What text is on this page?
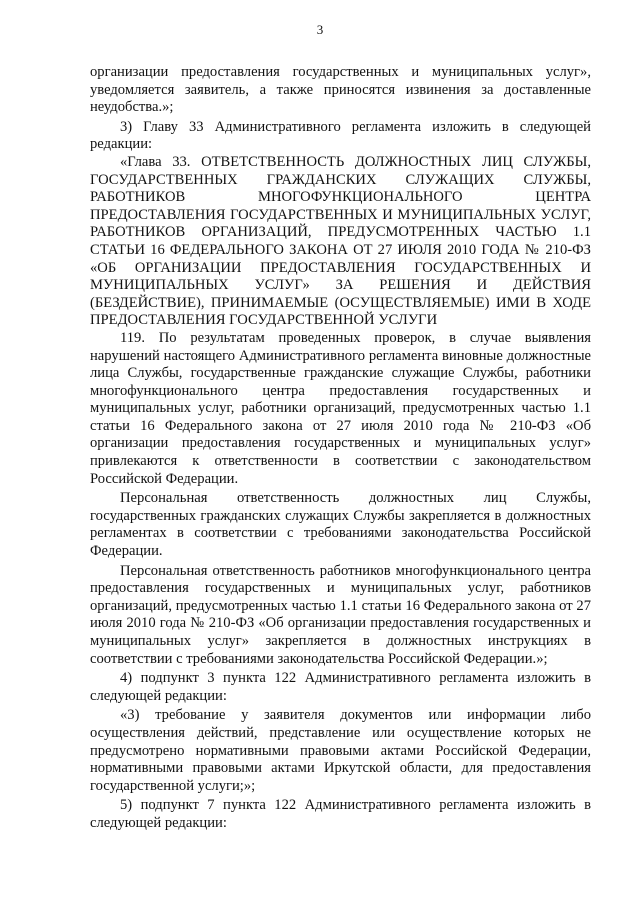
3

организации предоставления государственных и муниципальных услуг», уведомляется заявитель, а также приносятся извинения за доставленные неудобства.»;

3) Главу 33 Административного регламента изложить в следующей редакции:

«Глава 33. ОТВЕТСТВЕННОСТЬ ДОЛЖНОСТНЫХ ЛИЦ СЛУЖБЫ, ГОСУДАРСТВЕННЫХ ГРАЖДАНСКИХ СЛУЖАЩИХ СЛУЖБЫ, РАБОТНИКОВ МНОГОФУНКЦИОНАЛЬНОГО ЦЕНТРА ПРЕДОСТАВЛЕНИЯ ГОСУДАРСТВЕННЫХ И МУНИЦИПАЛЬНЫХ УСЛУГ, РАБОТНИКОВ ОРГАНИЗАЦИЙ, ПРЕДУСМОТРЕННЫХ ЧАСТЬЮ 1.1 СТАТЬИ 16 ФЕДЕРАЛЬНОГО ЗАКОНА ОТ 27 ИЮЛЯ 2010 ГОДА № 210-ФЗ «ОБ ОРГАНИЗАЦИИ ПРЕДОСТАВЛЕНИЯ ГОСУДАРСТВЕННЫХ И МУНИЦИПАЛЬНЫХ УСЛУГ» ЗА РЕШЕНИЯ И ДЕЙСТВИЯ (БЕЗДЕЙСТВИЕ), ПРИНИМАЕМЫЕ (ОСУЩЕСТВЛЯЕМЫЕ) ИМИ В ХОДЕ ПРЕДОСТАВЛЕНИЯ ГОСУДАРСТВЕННОЙ УСЛУГИ

119. По результатам проведенных проверок, в случае выявления нарушений настоящего Административного регламента виновные должностные лица Службы, государственные гражданские служащие Службы, работники многофункционального центра предоставления государственных и муниципальных услуг, работники организаций, предусмотренных частью 1.1 статьи 16 Федерального закона от 27 июля 2010 года № 210-ФЗ «Об организации предоставления государственных и муниципальных услуг» привлекаются к ответственности в соответствии с законодательством Российской Федерации.

Персональная ответственность должностных лиц Службы, государственных гражданских служащих Службы закрепляется в должностных регламентах в соответствии с требованиями законодательства Российской Федерации.

Персональная ответственность работников многофункционального центра предоставления государственных и муниципальных услуг, работников организаций, предусмотренных частью 1.1 статьи 16 Федерального закона от 27 июля 2010 года № 210-ФЗ «Об организации предоставления государственных и муниципальных услуг» закрепляется в должностных инструкциях в соответствии с требованиями законодательства Российской Федерации.»;

4) подпункт 3 пункта 122 Административного регламента изложить в следующей редакции:

«3) требование у заявителя документов или информации либо осуществления действий, представление или осуществление которых не предусмотрено нормативными правовыми актами Российской Федерации, нормативными правовыми актами Иркутской области, для предоставления государственной услуги;»;

5) подпункт 7 пункта 122 Административного регламента изложить в следующей редакции:
